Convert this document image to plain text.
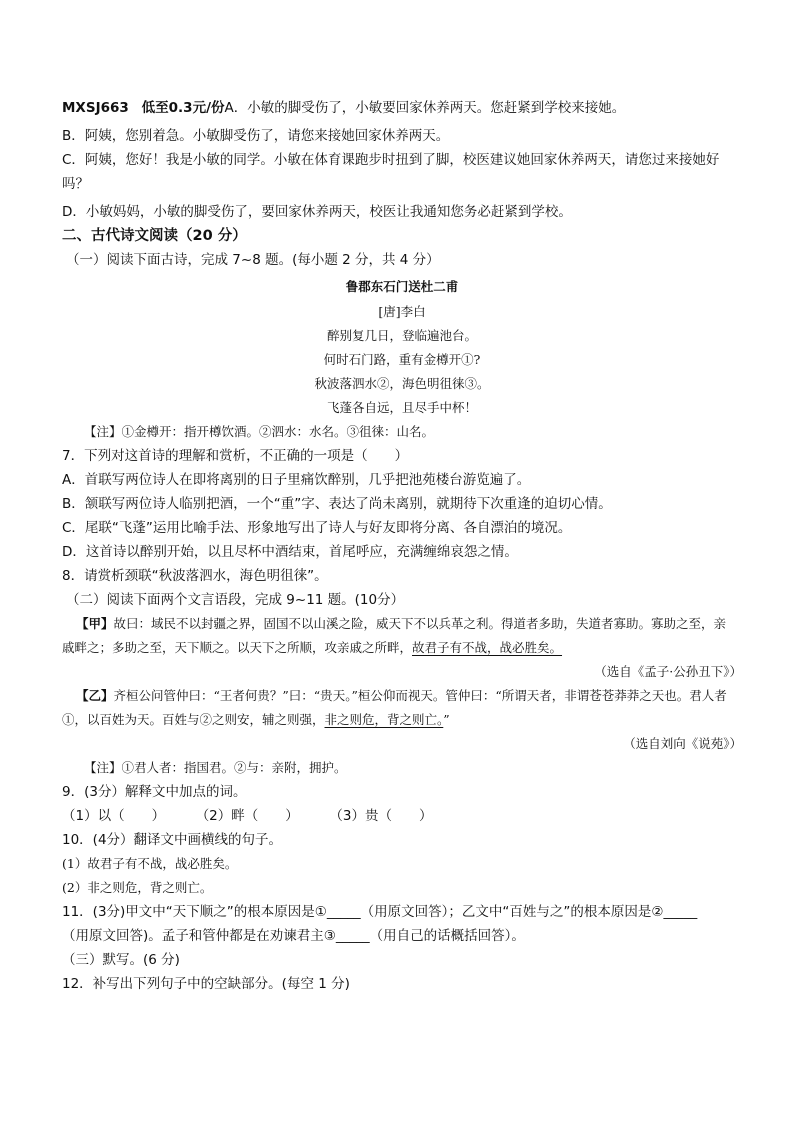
MXSJ663 低至0.3元/份A．小敏的脚受伤了，小敏要回家休养两天。您赶紧到学校来接她。
B．阿姨，您别着急。小敏脚受伤了，请您来接她回家休养两天。
C．阿姨，您好！我是小敏的同学。小敏在体育课跑步时扭到了脚，校医建议她回家休养两天，请您过来接她好吗？
D．小敏妈妈，小敏的脚受伤了，要回家休养两天，校医让我通知您务必赶紧到学校。
二、古代诗文阅读（20 分）
（一）阅读下面古诗，完成 7~8 题。(每小题 2 分，共 4 分）
鲁郡东石门送杜二甫
[唐]李白
醉别复几日，登临遍池台。
何时石门路，重有金樽开①?
秋波落泗水②，海色明徂徕③。
飞蓬各自远，且尽手中杯！
【注】①金樽开：指开樽饮酒。②泗水：水名。③徂徕：山名。
7．下列对这首诗的理解和赏析，不正确的一项是（　　）
A．首联写两位诗人在即将离别的日子里痛饮醉别，几乎把池苑楼台游览遍了。
B．颔联写两位诗人临别把酒，一个“重”字、表达了尚未离别，就期待下次重逢的迫切心情。
C．尾联“飞蓬”运用比喻手法、形象地写出了诗人与好友即将分离、各自漂泊的境况。
D．这首诗以醉别开始，以且尽杯中酒结束，首尾呼应，充满缠绵哀怨之情。
8．请赏析颈联“秋波落泗水，海色明徂徕”。
（二）阅读下面两个文言语段，完成 9~11 题。(10分）
【甲】故曰：域民不以封疆之界，固国不以山溪之险，威天下不以兵革之利。得道者多助，失道者寡助。寡助之至，亲戚畔之；多助之至，天下顺之。以天下之所顺，攻亲戚之所畔，故君子有不战，战必胜矣。
（选自《孟子·公孙丑下》）
【乙】齐桓公问管仲曰：“王者何贵？”曰：“贵天。”桓公仰而视天。管仲曰：“所谓天者，非谓苍苍莽莽之天也。君人者①，以百姓为天。百姓与②之则安，辅之则强，非之则危，背之则亡。”
（选自刘向《说苑》）
【注】①君人者：指国君。②与：亲附，拥护。
9．(3分）解释文中加点的词。
（1）以（　　） （2）畔（　　） （3）贵（　　）
10．(4分）翻译文中画横线的句子。
(1）故君子有不战，战必胜矣。
(2）非之则危，背之则亡。
11．(3分)甲文中“天下顺之”的根本原因是①_____（用原文回答）；乙文中“百姓与之”的根本原因是②_____
（用原文回答)。孟子和管仲都是在劝谏君主③_____（用自己的话概括回答）。
（三）默写。(6 分)
12．补写出下列句子中的空缺部分。(每空 1 分)
